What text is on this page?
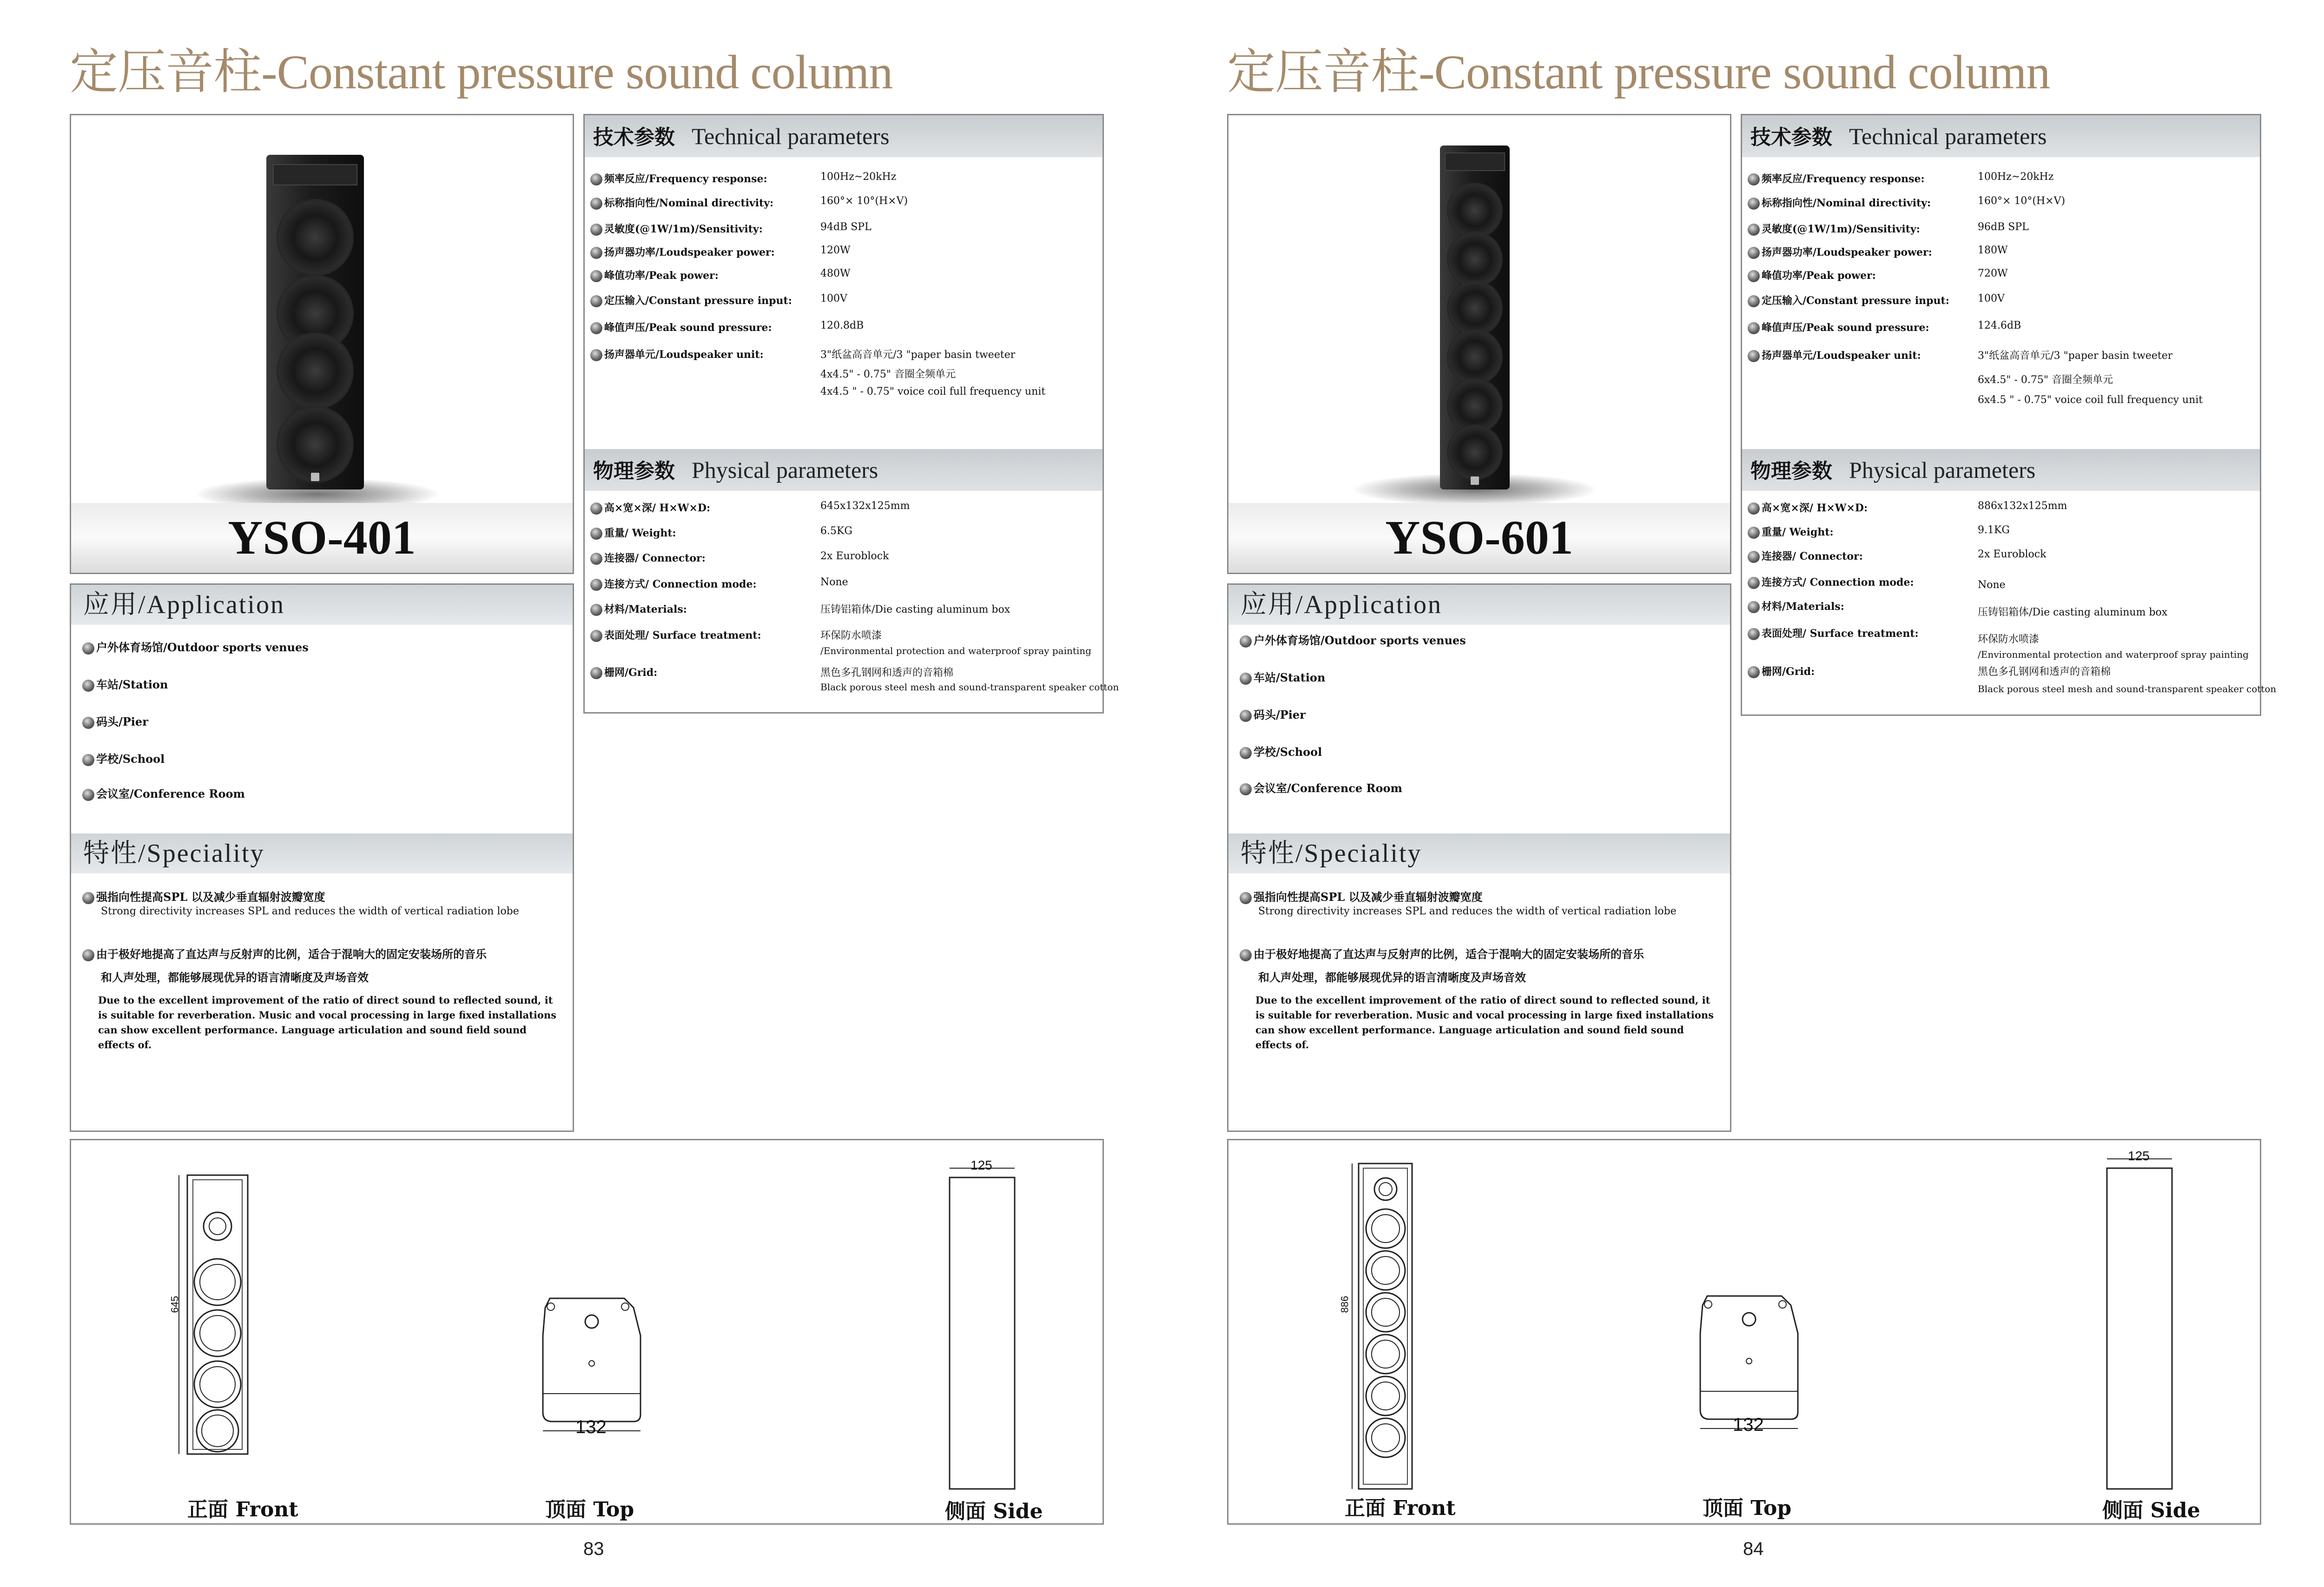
定压音柱-Constant pressure sound column
YSO-401
应用/Application
户外体育场馆/Outdoor sports venues
车站/Station
码头/Pier
学校/School
会议室/Conference Room
特性/Speciality
强指向性提高SPL 以及减少垂直辐射波瓣宽度
Strong directivity increases SPL and reduces the width of vertical radiation lobe
由于极好地提高了直达声与反射声的比例，适合于混响大的固定安装场所的音乐
和人声处理，都能够展现优异的语言清晰度及声场音效
Due to the excellent improvement of the ratio of direct sound to reflected sound, it is suitable for reverberation. Music and vocal processing in large fixed installations can show excellent performance. Language articulation and sound field sound effects of.
技术参数 Technical parameters
频率反应/Frequency response:	100Hz~20kHz
标称指向性/Nominal directivity:	160°× 10°(H×V)
灵敏度(@1W/1m)/Sensitivity:	94dB SPL
扬声器功率/Loudspeaker power:	120W
峰值功率/Peak power:	480W
定压输入/Constant pressure input:	100V
峰值声压/Peak sound pressure:	120.8dB
扬声器单元/Loudspeaker unit:	3"纸盆高音单元/3 "paper basin tweeter
4x4.5" - 0.75" 音圈全频单元
4x4.5 " - 0.75" voice coil full frequency unit
物理参数 Physical parameters
高×宽×深/ H×W×D:	645x132x125mm
重量/ Weight:	6.5KG
连接器/ Connector:	2x Euroblock
连接方式/ Connection mode:	None
材料/Materials:	压铸铝箱体/Die casting aluminum box
表面处理/ Surface treatment:	环保防水喷漆
/Environmental protection and waterproof spray painting
栅网/Grid:	黑色多孔钢网和透声的音箱棉
Black porous steel mesh and sound-transparent speaker cotton
645
132
125
正面 Front	顶面 Top	侧面 Side
83
定压音柱-Constant pressure sound column
YSO-601
应用/Application
户外体育场馆/Outdoor sports venues
车站/Station
码头/Pier
学校/School
会议室/Conference Room
特性/Speciality
强指向性提高SPL 以及减少垂直辐射波瓣宽度
Strong directivity increases SPL and reduces the width of vertical radiation lobe
由于极好地提高了直达声与反射声的比例，适合于混响大的固定安装场所的音乐
和人声处理，都能够展现优异的语言清晰度及声场音效
Due to the excellent improvement of the ratio of direct sound to reflected sound, it is suitable for reverberation. Music and vocal processing in large fixed installations can show excellent performance. Language articulation and sound field sound effects of.
技术参数 Technical parameters
频率反应/Frequency response:	100Hz~20kHz
标称指向性/Nominal directivity:	160°× 10°(H×V)
灵敏度(@1W/1m)/Sensitivity:	96dB SPL
扬声器功率/Loudspeaker power:	180W
峰值功率/Peak power:	720W
定压输入/Constant pressure input:	100V
峰值声压/Peak sound pressure:	124.6dB
扬声器单元/Loudspeaker unit:	3"纸盆高音单元/3 "paper basin tweeter
6x4.5" - 0.75" 音圈全频单元
6x4.5 " - 0.75" voice coil full frequency unit
物理参数 Physical parameters
高×宽×深/ H×W×D:	886x132x125mm
重量/ Weight:	9.1KG
连接器/ Connector:	2x Euroblock
连接方式/ Connection mode:	None
材料/Materials:	压铸铝箱体/Die casting aluminum box
表面处理/ Surface treatment:	环保防水喷漆
/Environmental protection and waterproof spray painting
栅网/Grid:	黑色多孔钢网和透声的音箱棉
Black porous steel mesh and sound-transparent speaker cotton
886
132
125
正面 Front	顶面 Top	侧面 Side
84
